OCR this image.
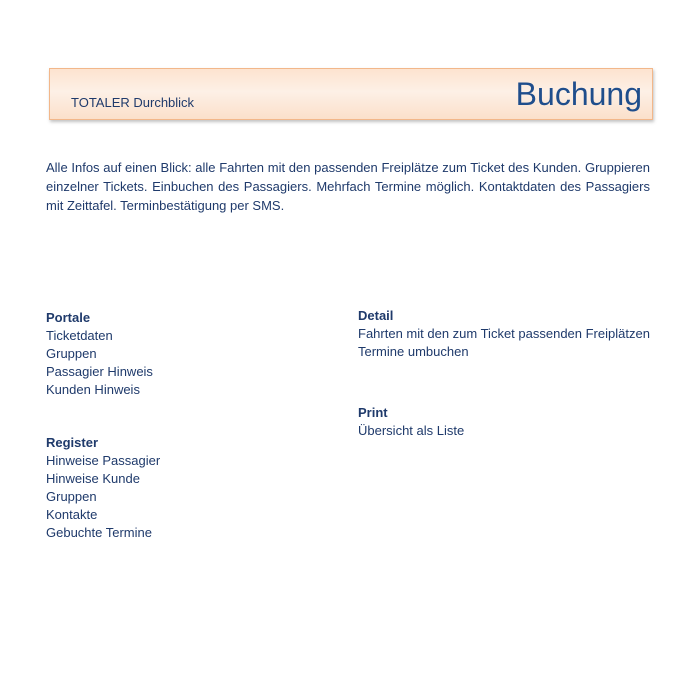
TOTALER Durchblick	Buchung

Alle Infos auf einen Blick: alle Fahrten mit den passenden Freiplätze zum Ticket des Kunden. Gruppieren einzelner Tickets. Einbuchen des Passagiers. Mehrfach Termine möglich. Kontaktdaten des Passagiers mit Zeittafel. Terminbestätigung per SMS.

Portale
Ticketdaten
Gruppen
Passagier Hinweis
Kunden Hinweis
Register
Hinweise Passagier
Hinweise Kunde
Gruppen
Kontakte
Gebuchte Termine
Detail
Fahrten mit den zum Ticket passenden Freiplätzen
Termine umbuchen
Print
Übersicht als Liste
